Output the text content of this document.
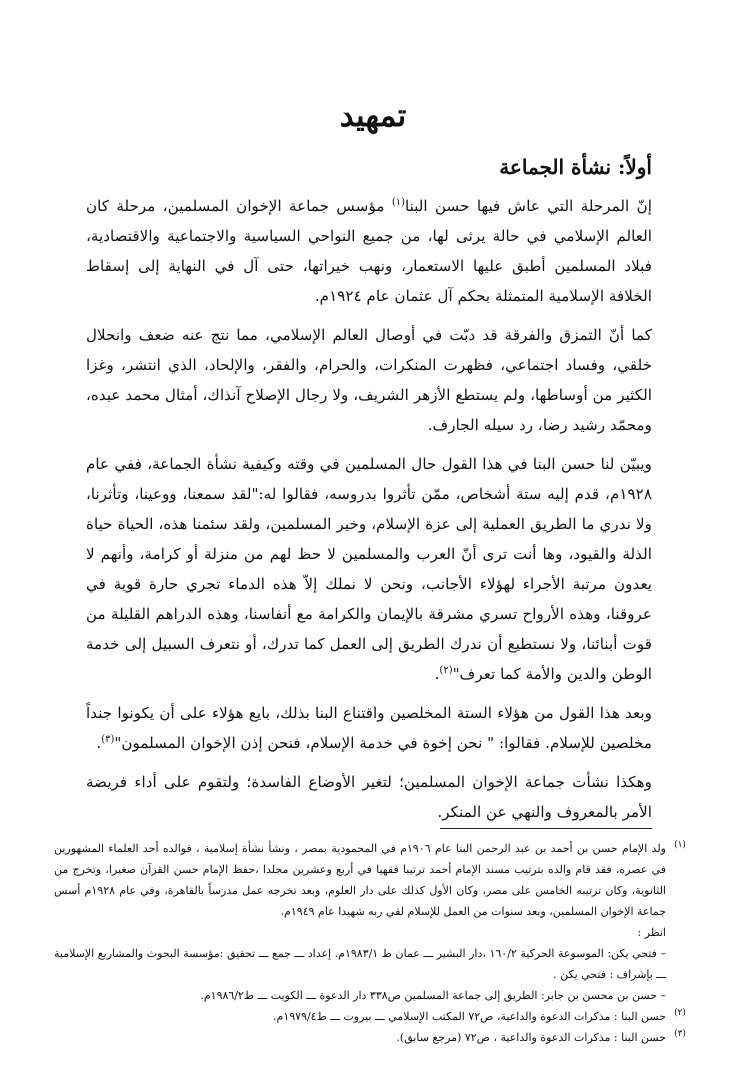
تمهيد
أولاً: نشأة الجماعة

إنّ المرحلة التي عاش فيها حسن البنا$^{(١)}$ مؤسس جماعة الإخوان المسلمين، مرحلة كان العالم الإسلامي في حالة يرثى لها، من جميع النواحي السياسية والاجتماعية والاقتصادية، فبلاد المسلمين أطبق عليها الاستعمار، ونهب خيراتها، حتى آل في النهاية إلى إسقاط الخلافة الإسلامية المتمثلة بحكم آل عثمان عام ١٩٢٤م.

كما أنّ التمزق والفرقة قد دبّت في أوصال العالم الإسلامي، مما نتج عنه ضعف وانحلال خلقي، وفساد اجتماعي، فظهرت المنكرات، والحرام، والفقر، والإلحاد، الذي انتشر، وغزا الكثير من أوساطها، ولم يستطع الأزهر الشريف، ولا رجال الإصلاح آنذاك، أمثال محمد عبده، ومحمّد رشيد رضا، رد سيله الجارف.

ويبيّن لنا حسن البنا في هذا القول حال المسلمين في وقته وكيفية نشأة الجماعة، ففي عام ١٩٢٨م، قدم إليه ستة أشخاص، ممّن تأثروا بدروسه، فقالوا له:"لقد سمعنا، ووعينا، وتأثرنا، ولا ندري ما الطريق العملية إلى عزة الإسلام، وخير المسلمين، ولقد سئمنا هذه، الحياة حياة الذلة والقيود، وها أنت ترى أنّ العرب والمسلمين لا حظ لهم من منزلة أو كرامة، وأنهم لا يعدون مرتبة الأجراء لهؤلاء الأجانب، ونحن لا نملك إلاّ هذه الدماء تجري حارة قوية في عروقنا، وهذه الأرواح تسري مشرقة بالإيمان والكرامة مع أنفاسنا، وهذه الدراهم القليلة من قوت أبنائنا، ولا نستطيع أن ندرك الطريق إلى العمل كما تدرك، أو نتعرف السبيل إلى خدمة الوطن والدين والأمة كما تعرف"$^{(٢)}$.

وبعد هذا القول من هؤلاء الستة المخلصين واقتناع البنا بذلك، بايع هؤلاء على أن يكونوا جنداً مخلصين للإسلام. فقالوا: " نحن إخوة في خدمة الإسلام، فنحن إذن الإخوان المسلمون"$^{(٣)}$.

وهكذا نشأت جماعة الإخوان المسلمين؛ لتغير الأوضاع الفاسدة؛ ولتقوم على أداء فريضة الأمر بالمعروف والنهي عن المنكر.

(١)
ولد الإمام حسن بن أحمد بن عبد الرحمن البنا عام ١٩٠٦م في المحمودية بمصر ، ونشأ نشأة إسلامية ، فوالده أحد العلماء المشهورين في عصره، فقد قام والده بترتيب مسند الإمام أحمد ترتيبا فقهيا في أربع وعشرين مجلدا ،حفظ الإمام حسن القرآن صغيرا، وتخرج من الثانوية، وكان ترتيبه الخامس على مصر، وكان الأول كذلك على دار العلوم، وبعد تخرجه عمل مدرساً بالقاهرة، وفي عام ١٩٢٨م أسس جماعة الإخوان المسلمين، وبعد سنوات من العمل للإسلام لقي ربه شهيدا عام ١٩٤٩م.
انظر :
– فتحي يكن: الموسوعة الحركية ١٦٠/٢ ،دار البشير ـــ عمان ط ١٩٨٣/١م. إعداد ـــ جمع ـــ تحقيق :مؤسسة البحوث والمشاريع الإسلامية ـــ بإشراف : فتحي يكن .
– حسن بن محسن بن جابر: الطريق إلى جماعة المسلمين ص٣٣٨ دار الدعوة ـــ الكويت ـــ ط١٩٨٦/٢م.
(٢)
حسن البنا : مذكرات الدعوة والداعية، ص٧٢ المكتب الإسلامي ـــ بيروت ـــ ط١٩٧٩/٤م.
(٣)
حسن البنا : مذكرات الدعوة والداعية ، ص٧٢ (مرجع سابق).
